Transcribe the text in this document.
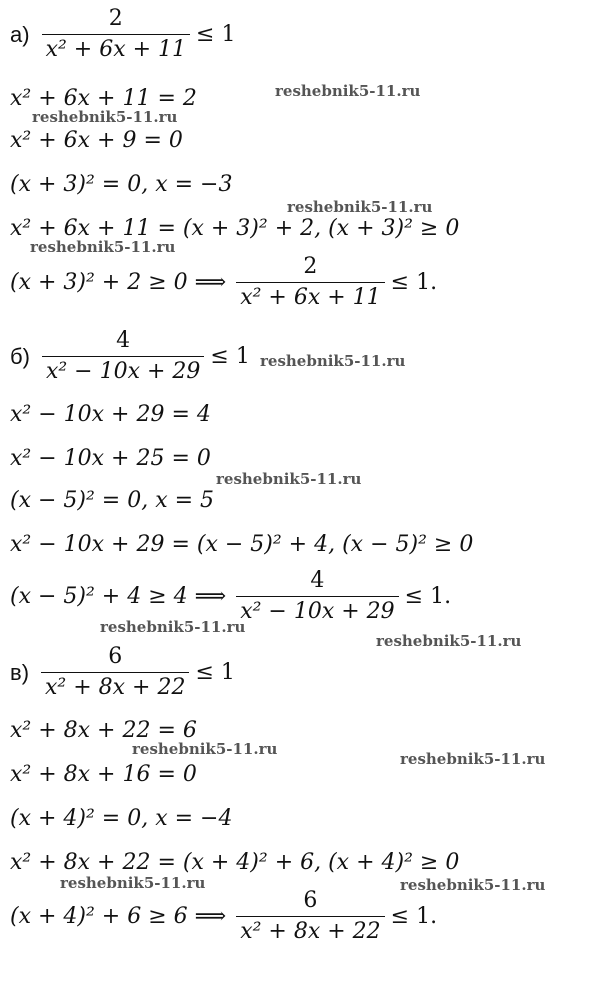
$а) \frac{2}{\text{x² + 6x + 11}} \le 1$
x² + 6x + 11 = 2
x² + 6x + 9 = 0
(x + 3)² = 0, x = −3
x² + 6x + 11 = (x + 3)² + 2, (x + 3)² ≥ 0
(x + 3)² + 2 ≥ 0 ⟹ $\frac{2}{\text{x² + 6x + 11}} \le 1$.
$б) \frac{4}{\text{x² − 10x + 29}} \le 1$
x² − 10x + 29 = 4
x² − 10x + 25 = 0
(x − 5)² = 0, x = 5
x² − 10x + 29 = (x − 5)² + 4, (x − 5)² ≥ 0
(x − 5)² + 4 ≥ 4 ⟹ $\frac{4}{\text{x² − 10x + 29}} \le 1$.
$в) \frac{6}{\text{x² + 8x + 22}} \le 1$
x² + 8x + 22 = 6
x² + 8x + 16 = 0
(x + 4)² = 0, x = −4
x² + 8x + 22 = (x + 4)² + 6, (x + 4)² ≥ 0
(x + 4)² + 6 ≥ 6 ⟹ $\frac{6}{\text{x² + 8x + 22}} \le 1$.
reshebnik5-11.ru
reshebnik5-11.ru
reshebnik5-11.ru
reshebnik5-11.ru
reshebnik5-11.ru
reshebnik5-11.ru
reshebnik5-11.ru
reshebnik5-11.ru
reshebnik5-11.ru
reshebnik5-11.ru
reshebnik5-11.ru	reshebnik5-11.ru
